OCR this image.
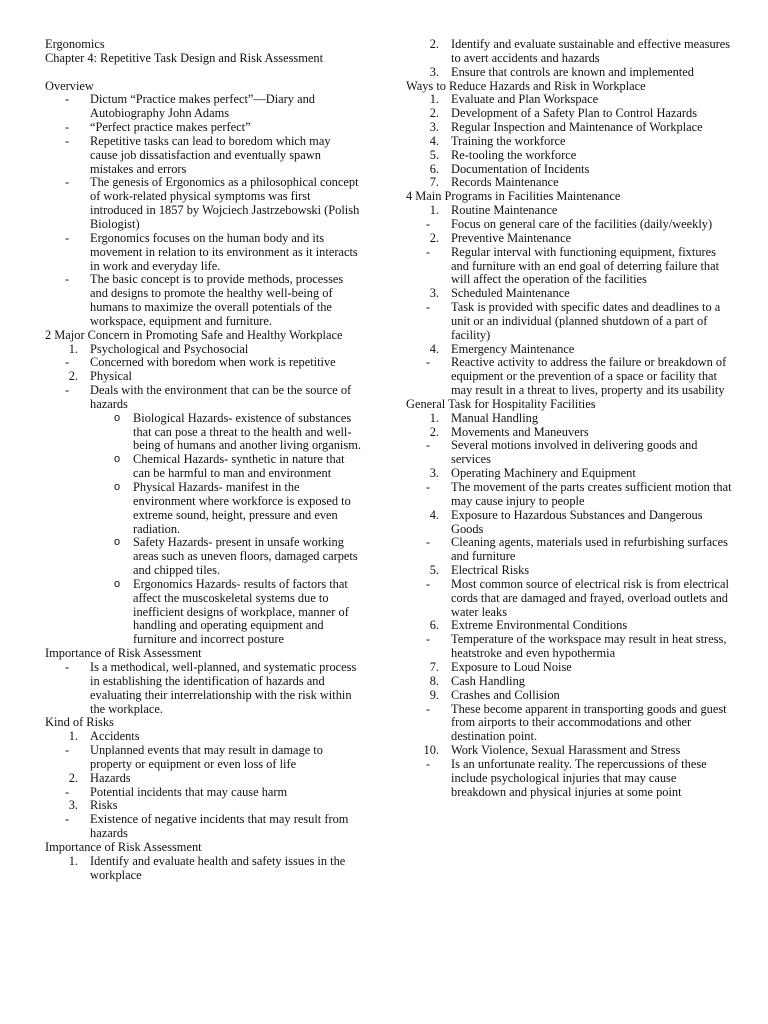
Ergonomics
Chapter 4: Repetitive Task Design and Risk Assessment

Overview
- Dictum “Practice makes perfect”—Diary and Autobiography John Adams
- “Perfect practice makes perfect”
- Repetitive tasks can lead to boredom which may cause job dissatisfaction and eventually spawn mistakes and errors
- The genesis of Ergonomics as a philosophical concept of work-related physical symptoms was first introduced in 1857 by Wojciech Jastrzebowski (Polish Biologist)
- Ergonomics focuses on the human body and its movement in relation to its environment as it interacts in work and everyday life.
- The basic concept is to provide methods, processes and designs to promote the healthy well-being of humans to maximize the overall potentials of the workspace, equipment and furniture.
2 Major Concern in Promoting Safe and Healthy Workplace
1. Psychological and Psychosocial
- Concerned with boredom when work is repetitive
2. Physical
- Deals with the environment that can be the source of hazards
o Biological Hazards- existence of substances that can pose a threat to the health and well-being of humans and another living organism.
o Chemical Hazards- synthetic in nature that can be harmful to man and environment
o Physical Hazards- manifest in the environment where workforce is exposed to extreme sound, height, pressure and even radiation.
o Safety Hazards- present in unsafe working areas such as uneven floors, damaged carpets and chipped tiles.
o Ergonomics Hazards- results of factors that affect the muscoskeletal systems due to inefficient designs of workplace, manner of handling and operating equipment and furniture and incorrect posture
Importance of Risk Assessment
- Is a methodical, well-planned, and systematic process in establishing the identification of hazards and evaluating their interrelationship with the risk within the workplace.
Kind of Risks
1. Accidents
- Unplanned events that may result in damage to property or equipment or even loss of life
2. Hazards
- Potential incidents that may cause harm
3. Risks
- Existence of negative incidents that may result from hazards
Importance of Risk Assessment
1. Identify and evaluate health and safety issues in the workplace
2. Identify and evaluate sustainable and effective measures to avert accidents and hazards
3. Ensure that controls are known and implemented
Ways to Reduce Hazards and Risk in Workplace
1. Evaluate and Plan Workspace
2. Development of a Safety Plan to Control Hazards
3. Regular Inspection and Maintenance of Workplace
4. Training the workforce
5. Re-tooling the workforce
6. Documentation of Incidents
7. Records Maintenance
4 Main Programs in Facilities Maintenance
1. Routine Maintenance
- Focus on general care of the facilities (daily/weekly)
2. Preventive Maintenance
- Regular interval with functioning equipment, fixtures and furniture with an end goal of deterring failure that will affect the operation of the facilities
3. Scheduled Maintenance
- Task is provided with specific dates and deadlines to a unit or an individual (planned shutdown of a part of facility)
4. Emergency Maintenance
- Reactive activity to address the failure or breakdown of equipment or the prevention of a space or facility that may result in a threat to lives, property and its usability
General Task for Hospitality Facilities
1. Manual Handling
2. Movements and Maneuvers
- Several motions involved in delivering goods and services
3. Operating Machinery and Equipment
- The movement of the parts creates sufficient motion that may cause injury to people
4. Exposure to Hazardous Substances and Dangerous Goods
- Cleaning agents, materials used in refurbishing surfaces and furniture
5. Electrical Risks
- Most common source of electrical risk is from electrical cords that are damaged and frayed, overload outlets and water leaks
6. Extreme Environmental Conditions
- Temperature of the workspace may result in heat stress, heatstroke and even hypothermia
7. Exposure to Loud Noise
8. Cash Handling
9. Crashes and Collision
- These become apparent in transporting goods and guest from airports to their accommodations and other destination point.
10. Work Violence, Sexual Harassment and Stress
- Is an unfortunate reality. The repercussions of these include psychological injuries that may cause breakdown and physical injuries at some point
